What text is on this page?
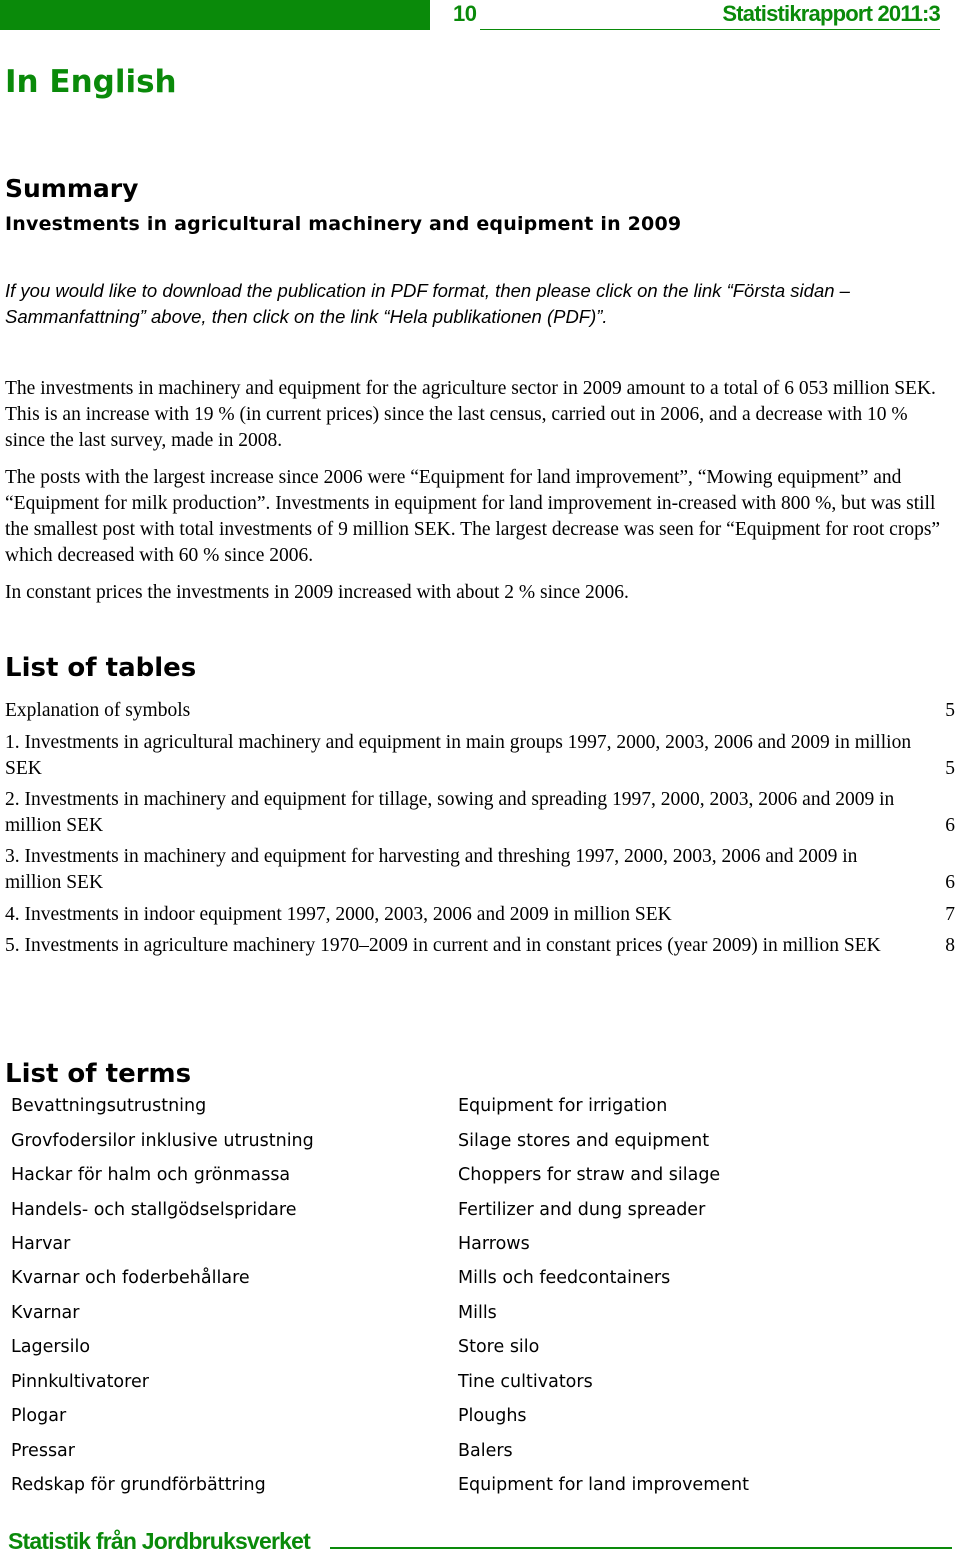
10	Statistikrapport 2011:3
In English
Summary
Investments in agricultural machinery and equipment in 2009
If you would like to download the publication in PDF format, then please click on the link “Första sidan – Sammanfattning” above, then click on the link “Hela publikationen (PDF)”.
The investments in machinery and equipment for the agriculture sector in 2009 amount to a total of 6 053 million SEK. This is an increase with 19 % (in current prices) since the last census, carried out in 2006, and a decrease with 10 % since the last survey, made in 2008.
The posts with the largest increase since 2006 were “Equipment for land improvement”, “Mowing equipment” and “Equipment for milk production”. Investments in equipment for land improvement in-creased with 800 %, but was still the smallest post with total investments of 9 million SEK. The largest decrease was seen for “Equipment for root crops” which decreased with 60 % since 2006.
In constant prices the investments in 2009 increased with about 2 % since 2006.
List of tables
Explanation of symbols	5
1. Investments in agricultural machinery and equipment in main groups 1997, 2000, 2003, 2006 and 2009 in million SEK	5
2. Investments in machinery and equipment for tillage, sowing and spreading 1997, 2000, 2003, 2006 and 2009 in million SEK	6
3. Investments in machinery and equipment for harvesting and threshing 1997, 2000, 2003, 2006 and 2009 in million SEK	6
4. Investments in indoor equipment 1997, 2000, 2003, 2006 and 2009 in million SEK	7
5. Investments in agriculture machinery 1970–2009 in current and in constant prices (year 2009) in million SEK	8
List of terms
Bevattningsutrustning	Equipment for irrigation
Grovfodersilor inklusive utrustning	Silage stores and equipment
Hackar för halm och grönmassa	Choppers for straw and silage
Handels- och stallgödselspridare	Fertilizer and dung spreader
Harvar	Harrows
Kvarnar och foderbehållare	Mills och feedcontainers
Kvarnar	Mills
Lagersilo	Store silo
Pinnkultivatorer	Tine cultivators
Plogar	Ploughs
Pressar	Balers
Redskap för grundförbättring	Equipment for land improvement
Statistik från Jordbruksverket
